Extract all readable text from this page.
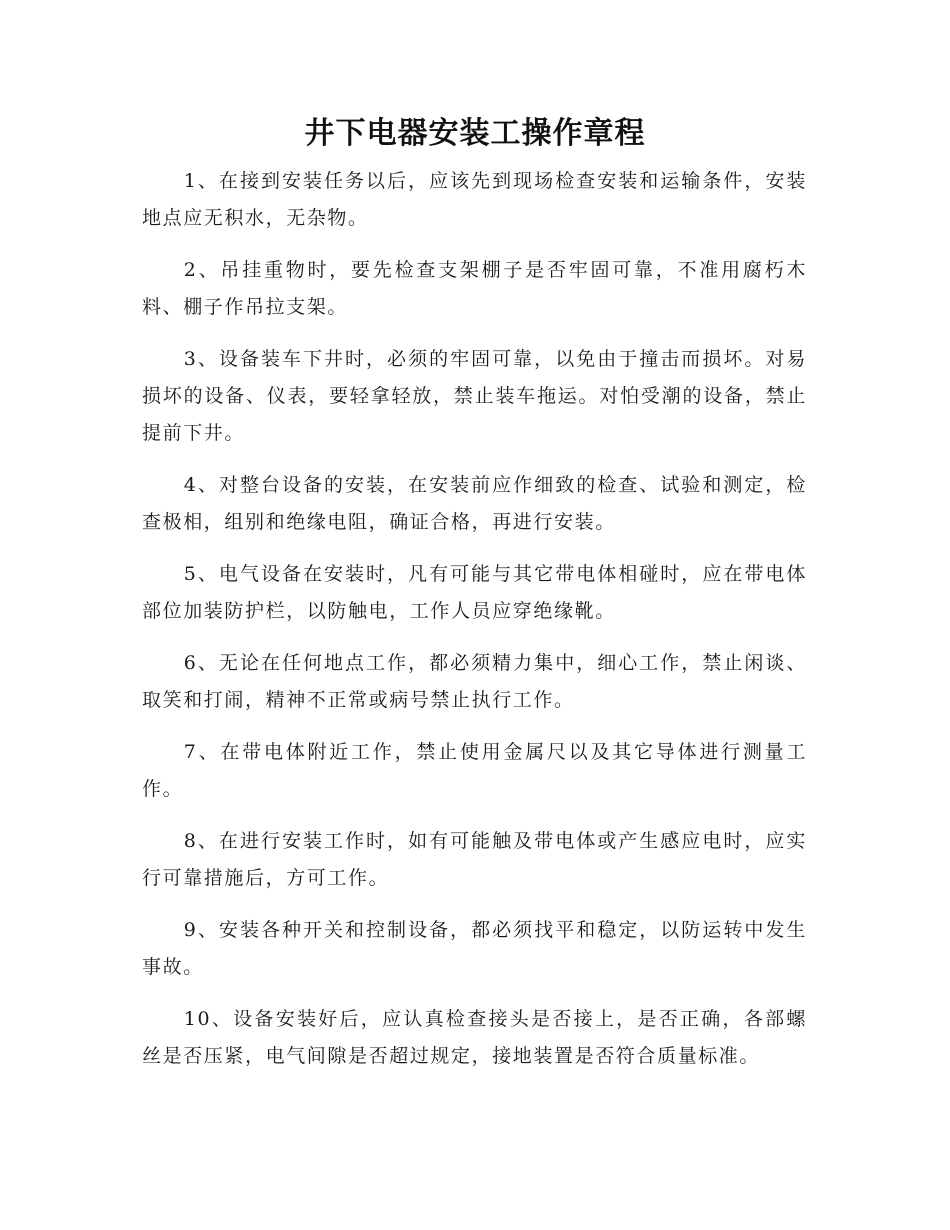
井下电器安装工操作章程

1、在接到安装任务以后，应该先到现场检查安装和运输条件，安装地点应无积水，无杂物。

2、吊挂重物时，要先检查支架棚子是否牢固可靠，不准用腐朽木料、棚子作吊拉支架。

3、设备装车下井时，必须的牢固可靠，以免由于撞击而损坏。对易损坏的设备、仪表，要轻拿轻放，禁止装车拖运。对怕受潮的设备，禁止提前下井。

4、对整台设备的安装，在安装前应作细致的检查、试验和测定，检查极相，组别和绝缘电阻，确证合格，再进行安装。

5、电气设备在安装时，凡有可能与其它带电体相碰时，应在带电体部位加装防护栏，以防触电，工作人员应穿绝缘靴。

6、无论在任何地点工作，都必须精力集中，细心工作，禁止闲谈、取笑和打闹，精神不正常或病号禁止执行工作。

7、在带电体附近工作，禁止使用金属尺以及其它导体进行测量工作。

8、在进行安装工作时，如有可能触及带电体或产生感应电时，应实行可靠措施后，方可工作。

9、安装各种开关和控制设备，都必须找平和稳定，以防运转中发生事故。

10、设备安装好后，应认真检查接头是否接上，是否正确，各部螺丝是否压紧，电气间隙是否超过规定，接地装置是否符合质量标准。
